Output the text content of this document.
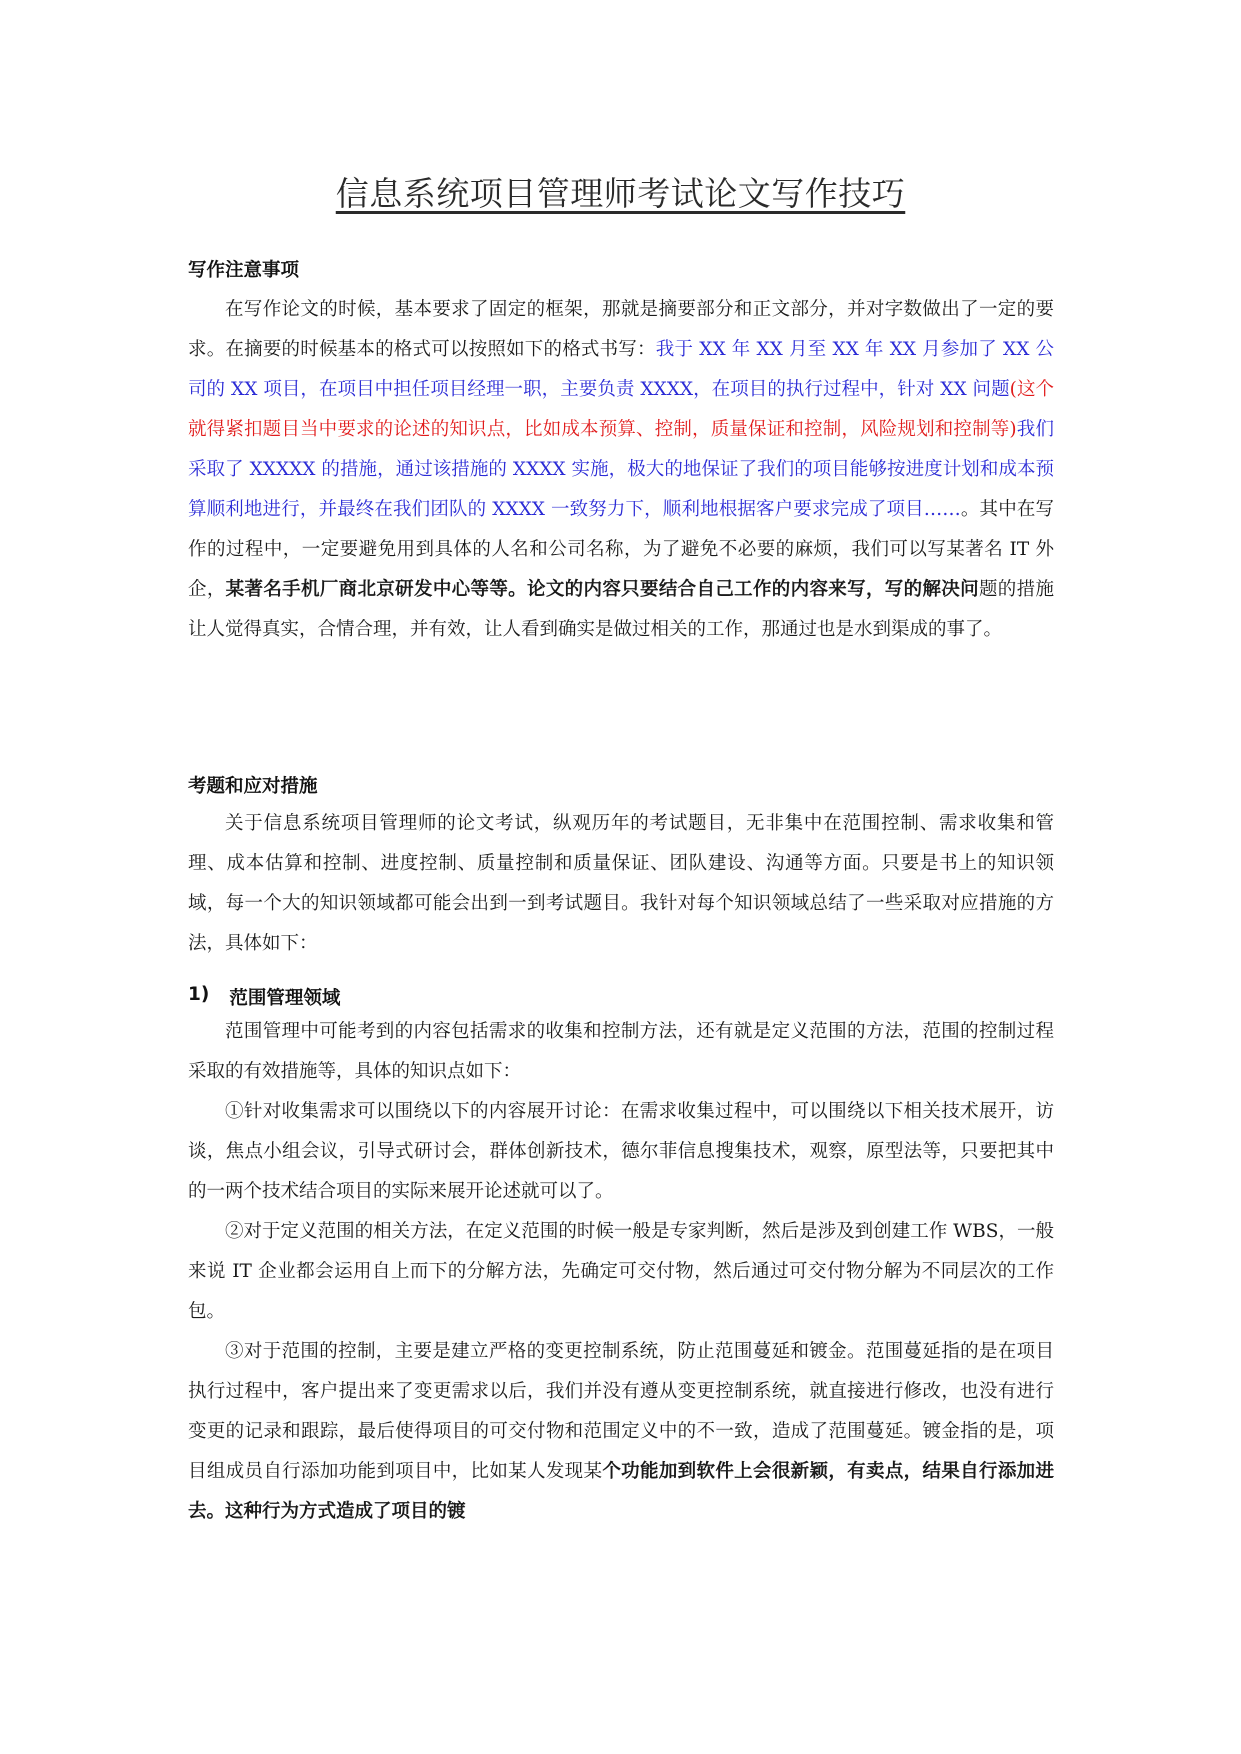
信息系统项目管理师考试论文写作技巧
写作注意事项

在写作论文的时候，基本要求了固定的框架，那就是摘要部分和正文部分，并对字数做出了一定的要求。在摘要的时候基本的格式可以按照如下的格式书写：我于 XX 年 XX 月至 XX 年 XX 月参加了 XX 公司的 XX 项目，在项目中担任项目经理一职，主要负责 XXXX，在项目的执行过程中，针对 XX 问题(这个就得紧扣题目当中要求的论述的知识点，比如成本预算、控制，质量保证和控制，风险规划和控制等)我们采取了 XXXXX 的措施，通过该措施的 XXXX 实施，极大的地保证了我们的项目能够按进度计划和成本预算顺利地进行，并最终在我们团队的 XXXX 一致努力下，顺利地根据客户要求完成了项目……。其中在写作的过程中，一定要避免用到具体的人名和公司名称，为了避免不必要的麻烦，我们可以写某著名 IT 外企，某著名手机厂商北京研发中心等等。论文的内容只要结合自己工作的内容来写，写的解决问题的措施让人觉得真实，合情合理，并有效，让人看到确实是做过相关的工作，那通过也是水到渠成的事了。

考题和应对措施

关于信息系统项目管理师的论文考试，纵观历年的考试题目，无非集中在范围控制、需求收集和管理、成本估算和控制、进度控制、质量控制和质量保证、团队建设、沟通等方面。只要是书上的知识领域，每一个大的知识领域都可能会出到一到考试题目。我针对每个知识领域总结了一些采取对应措施的方法，具体如下：

1) 范围管理领域

范围管理中可能考到的内容包括需求的收集和控制方法，还有就是定义范围的方法，范围的控制过程采取的有效措施等，具体的知识点如下：

①针对收集需求可以围绕以下的内容展开讨论：在需求收集过程中，可以围绕以下相关技术展开，访谈，焦点小组会议，引导式研讨会，群体创新技术，德尔菲信息搜集技术，观察，原型法等，只要把其中的一两个技术结合项目的实际来展开论述就可以了。

②对于定义范围的相关方法，在定义范围的时候一般是专家判断，然后是涉及到创建工作 WBS，一般来说 IT 企业都会运用自上而下的分解方法，先确定可交付物，然后通过可交付物分解为不同层次的工作包。

③对于范围的控制，主要是建立严格的变更控制系统，防止范围蔓延和镀金。范围蔓延指的是在项目执行过程中，客户提出来了变更需求以后，我们并没有遵从变更控制系统，就直接进行修改，也没有进行变更的记录和跟踪，最后使得项目的可交付物和范围定义中的不一致，造成了范围蔓延。镀金指的是，项目组成员自行添加功能到项目中，比如某人发现某个功能加到软件上会很新颖，有卖点，结果自行添加进去。这种行为方式造成了项目的镀
